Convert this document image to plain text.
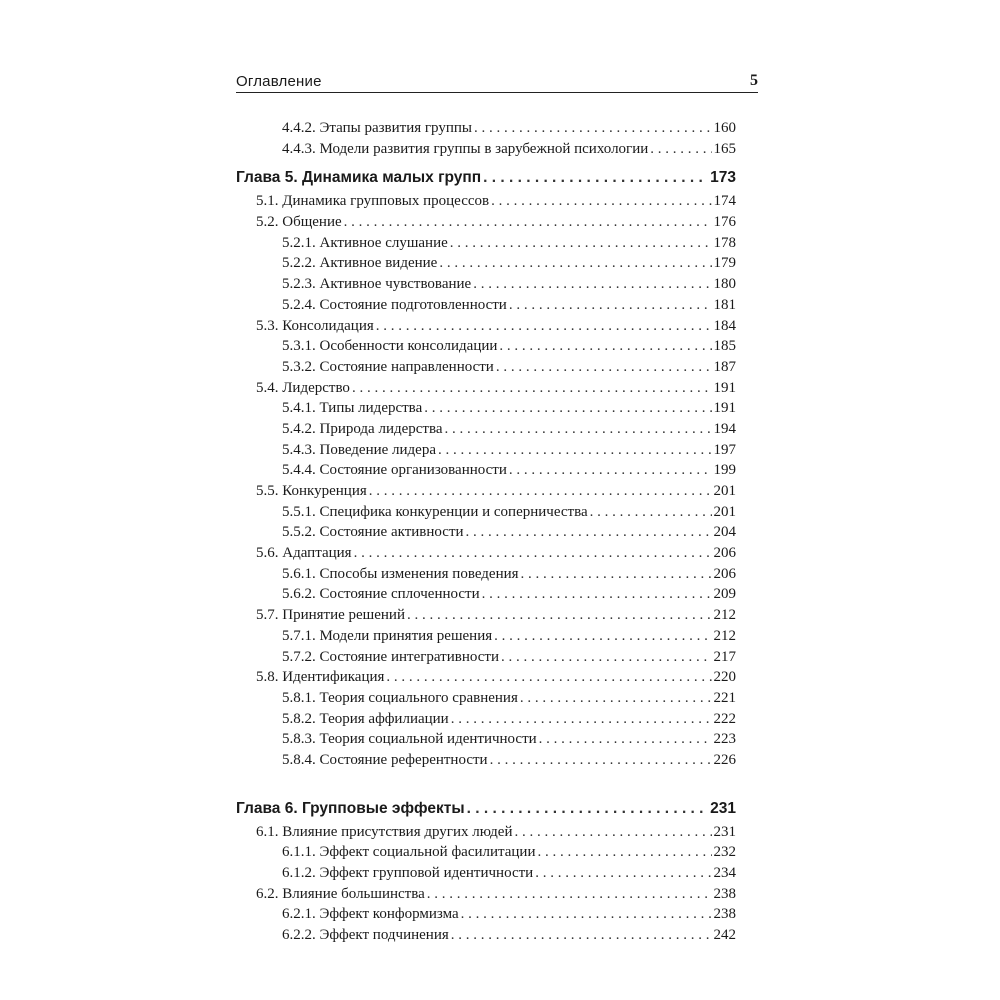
Оглавление	5
4.4.2. Этапы развития группы . . .	160
4.4.3. Модели развития группы в зарубежной психологии . . .	165
Глава 5. Динамика малых групп . . .	173
5.1. Динамика групповых процессов . . .	174
5.2. Общение . . .	176
5.2.1. Активное слушание . . .	178
5.2.2. Активное видение . . .	179
5.2.3. Активное чувствование . . .	180
5.2.4. Состояние подготовленности . . .	181
5.3. Консолидация . . .	184
5.3.1. Особенности консолидации . . .	185
5.3.2. Состояние направленности . . .	187
5.4. Лидерство . . .	191
5.4.1. Типы лидерства . . .	191
5.4.2. Природа лидерства . . .	194
5.4.3. Поведение лидера . . .	197
5.4.4. Состояние организованности . . .	199
5.5. Конкуренция . . .	201
5.5.1. Специфика конкуренции и соперничества . . .	201
5.5.2. Состояние активности . . .	204
5.6. Адаптация . . .	206
5.6.1. Способы изменения поведения . . .	206
5.6.2. Состояние сплоченности . . .	209
5.7. Принятие решений . . .	212
5.7.1. Модели принятия решения . . .	212
5.7.2. Состояние интегративности . . .	217
5.8. Идентификация . . .	220
5.8.1. Теория социального сравнения . . .	221
5.8.2. Теория аффилиации . . .	222
5.8.3. Теория социальной идентичности . . .	223
5.8.4. Состояние референтности . . .	226
Глава 6. Групповые эффекты . . .	231
6.1. Влияние присутствия других людей . . .	231
6.1.1. Эффект социальной фасилитации . . .	232
6.1.2. Эффект групповой идентичности . . .	234
6.2. Влияние большинства . . .	238
6.2.1. Эффект конформизма . . .	238
6.2.2. Эффект подчинения . . .	242
